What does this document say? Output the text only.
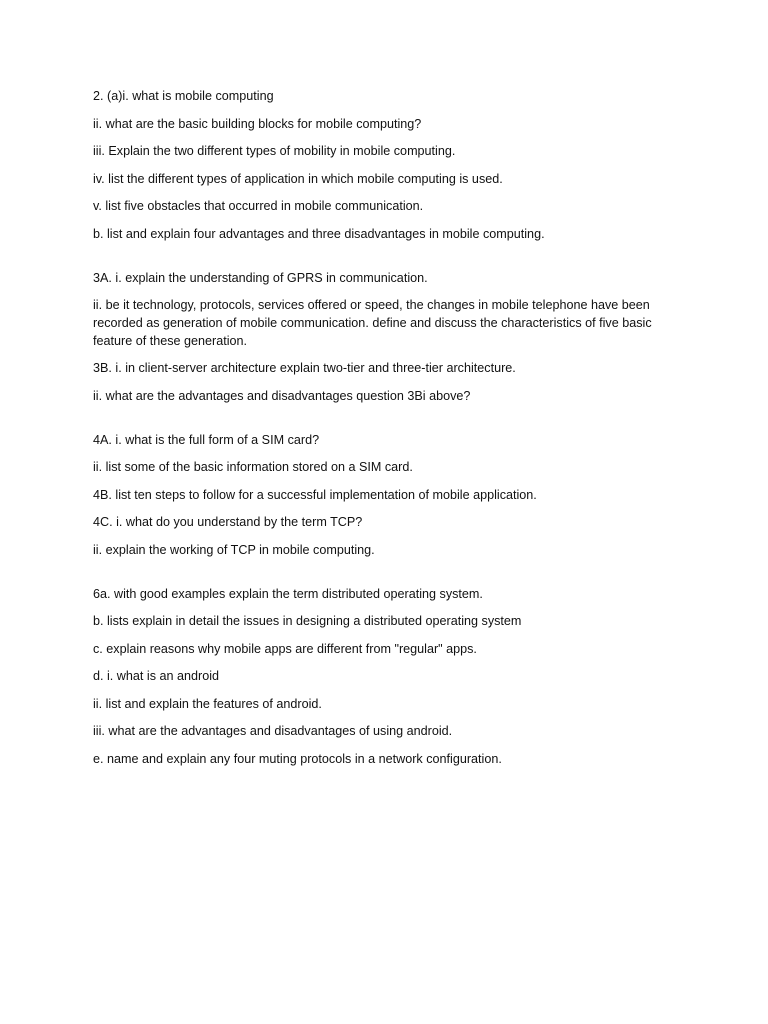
2. (a)i. what is mobile computing

ii. what are the basic building blocks for mobile computing?

iii. Explain the two different types of mobility in mobile computing.

iv. list the different types of application in which mobile computing is used.

v. list five obstacles that occurred in mobile communication.

b. list and explain four advantages and three disadvantages in mobile computing.

3A. i. explain the understanding of GPRS in communication.

ii. be it technology, protocols, services offered or speed, the changes in mobile telephone have been recorded as generation of mobile communication. define and discuss the characteristics of five basic feature of these generation.

3B. i. in client-server architecture explain two-tier and three-tier architecture.

ii. what are the advantages and disadvantages question 3Bi above?

4A. i. what is the full form of a SIM card?

ii. list some of the basic information stored on a SIM card.

4B. list ten steps to follow for a successful implementation of mobile application.

4C. i. what do you understand by the term TCP?

ii. explain the working of TCP in mobile computing.

6a. with good examples explain the term distributed operating system.

b. lists explain in detail the issues in designing a distributed operating system

c. explain reasons why mobile apps are different from "regular" apps.

d. i. what is an android

ii. list and explain the features of android.

iii. what are the advantages and disadvantages of using android.

e. name and explain any four muting protocols in a network configuration.
